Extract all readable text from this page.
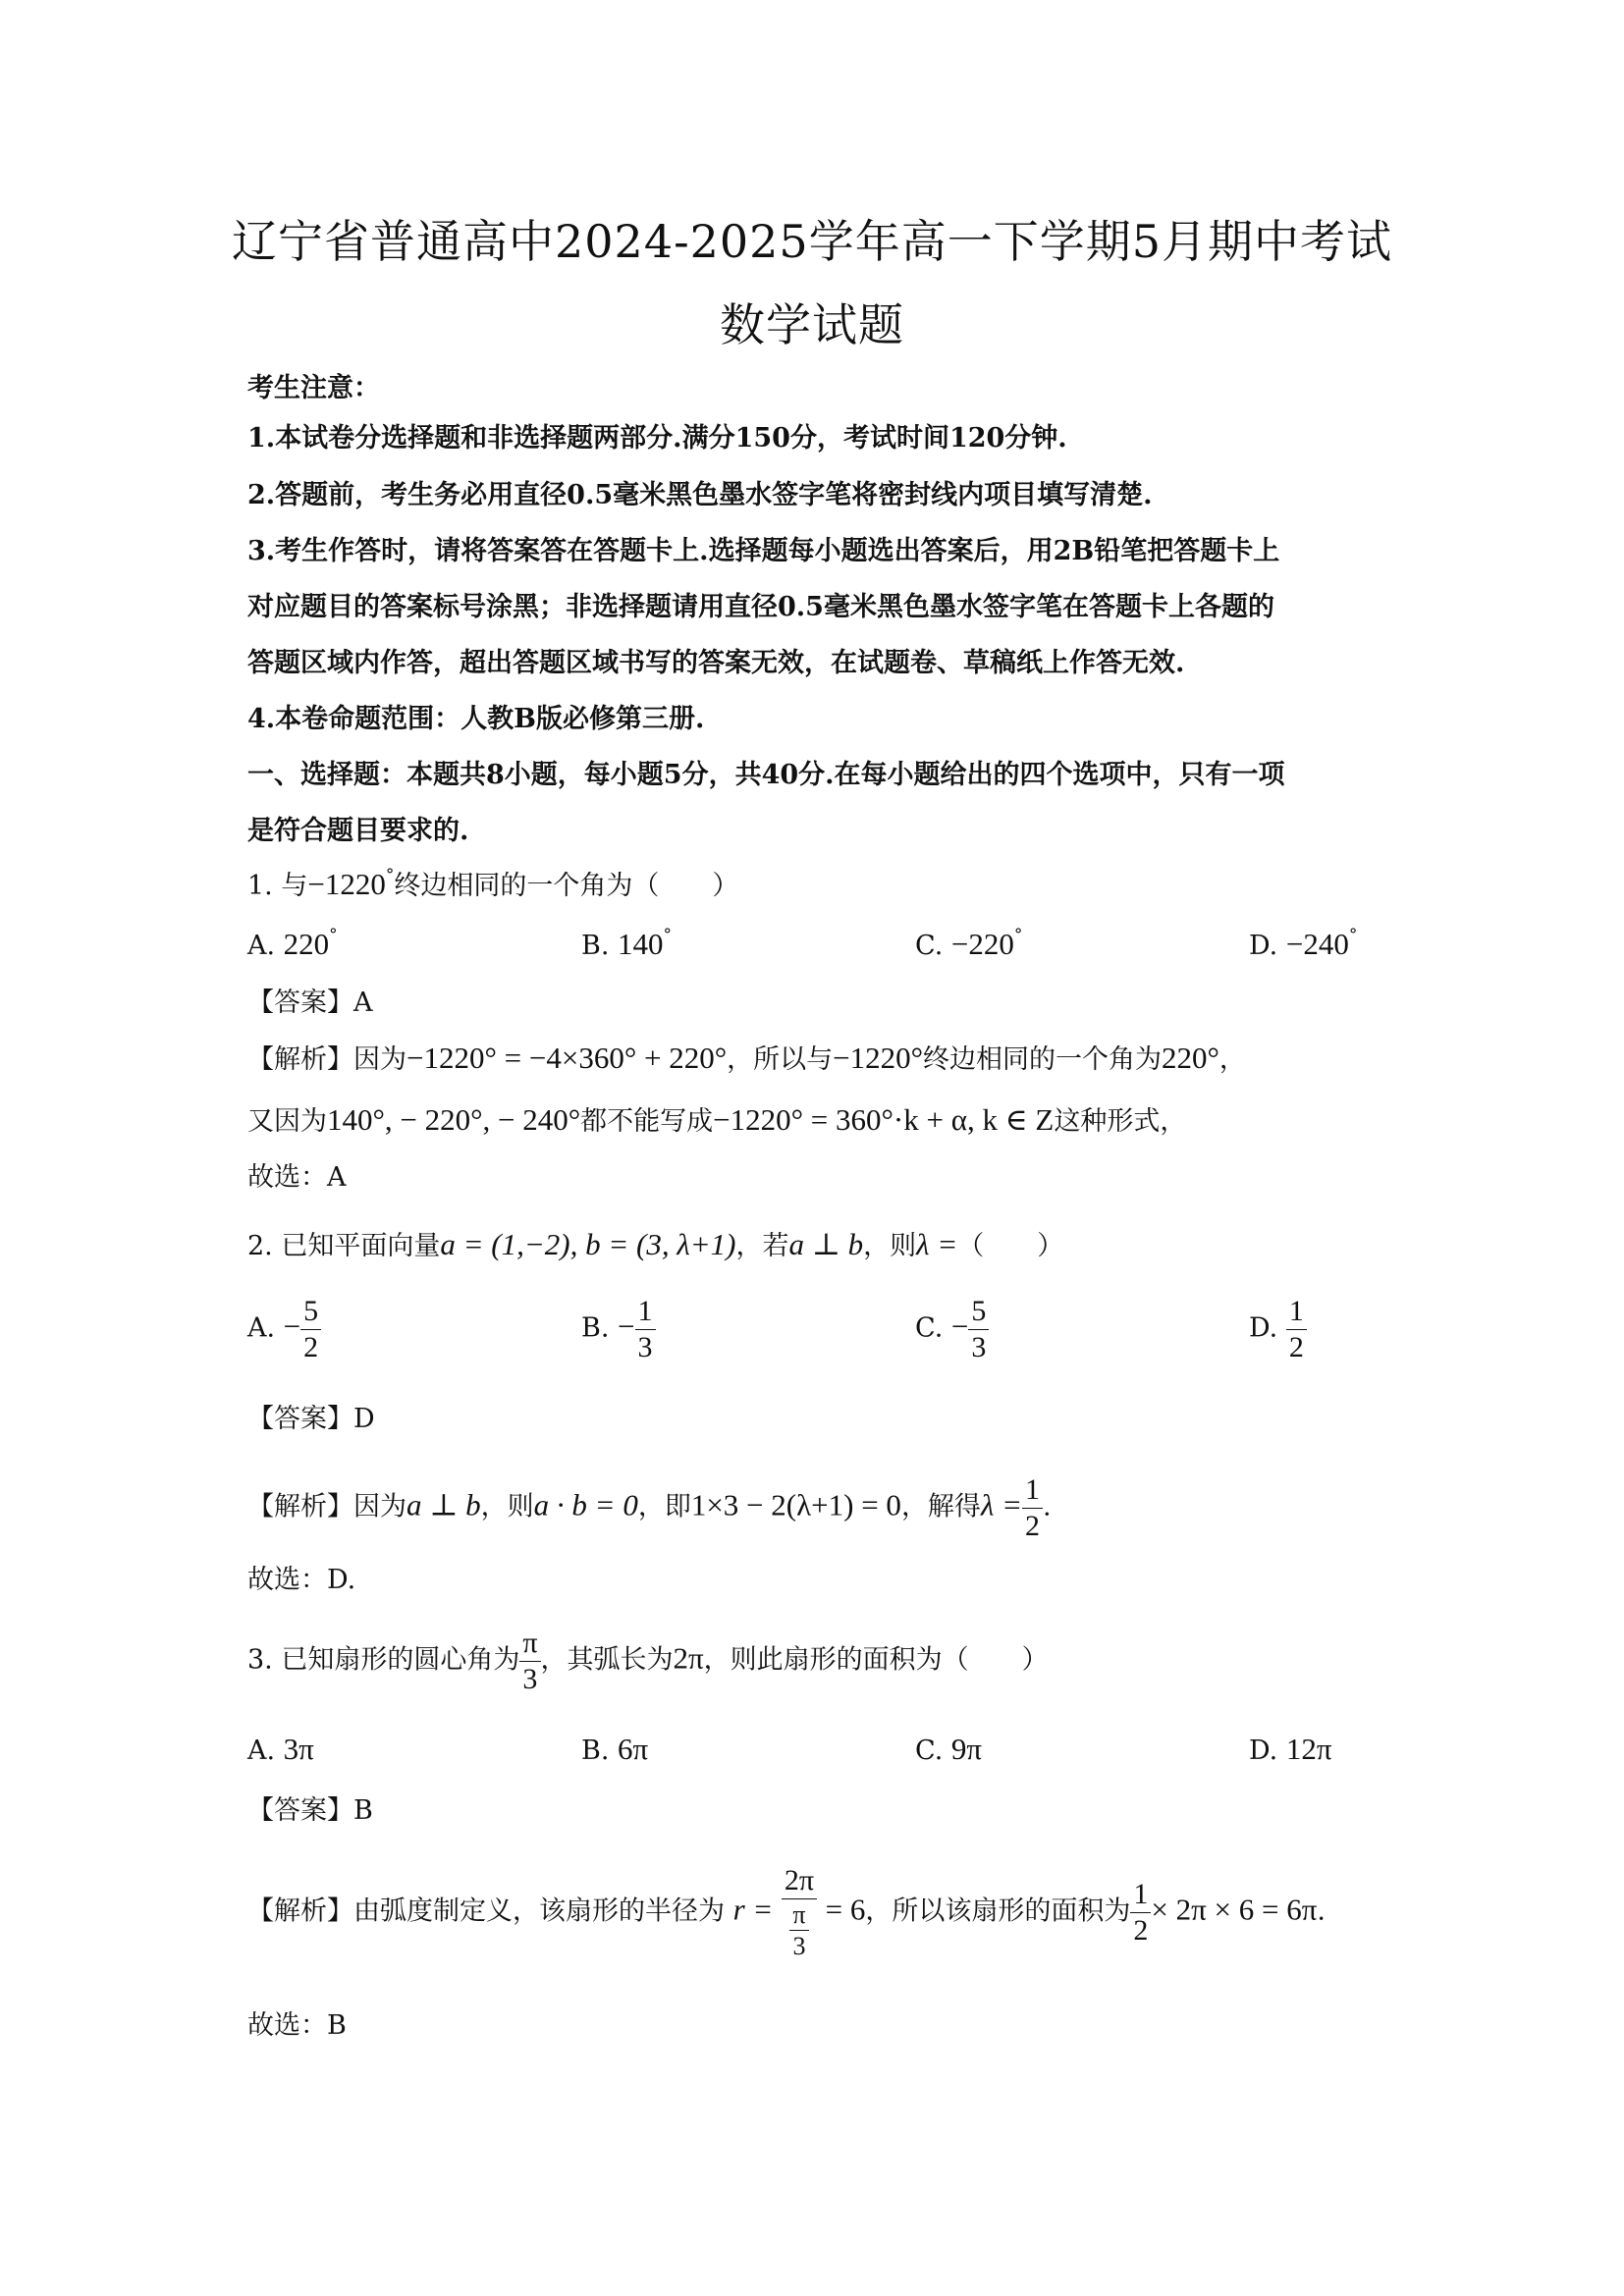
辽宁省普通高中2024-2025学年高一下学期5月期中考试
数学试题
考生注意：
1.本试卷分选择题和非选择题两部分.满分150分，考试时间120分钟.
2.答题前，考生务必用直径0.5毫米黑色墨水签字笔将密封线内项目填写清楚.
3.考生作答时，请将答案答在答题卡上.选择题每小题选出答案后，用2B铅笔把答题卡上
对应题目的答案标号涂黑；非选择题请用直径0.5毫米黑色墨水签字笔在答题卡上各题的
答题区域内作答，超出答题区域书写的答案无效，在试题卷、草稿纸上作答无效.
4.本卷命题范围：人教B版必修第三册.
一、选择题：本题共8小题，每小题5分，共40分.在每小题给出的四个选项中，只有一项
是符合题目要求的.
1. 与−1220°终边相同的一个角为（　　）
A. 220°	B. 140°	C. −220°	D. −240°
【答案】A
【解析】因为−1220° = −4×360° + 220°，所以与−1220°终边相同的一个角为220°，
又因为140°, − 220°, − 240°都不能写成−1220° = 360°·k + α, k ∈ Z这种形式，
故选：A
2. 已知平面向量a = (1,−2), b = (3, λ+1)，若a ⊥ b，则λ =（　　）
A. − $\frac{5}{2}$	B. − $\frac{1}{3}$	C. − $\frac{5}{3}$	D. $\frac{1}{2}$
【答案】D
【解析】因为a ⊥ b，则a · b = 0，即1×3 − 2(λ+1) = 0，解得$\lambda = \frac{1}{2}$ .
故选：D.
3. 已知扇形的圆心角为 $\frac{\pi}{3}$ ，其弧长为2π，则此扇形的面积为（　　）
A. 3π	B. 6π	C. 9π	D. 12π
【答案】B
【解析】由弧度制定义，该扇形的半径为 $r = \frac{2\pi}{\frac{\pi}{3}} = 6$，所以该扇形的面积为 $\frac{1}{2} \times 2\pi \times 6 = 6\pi$.
故选：B
